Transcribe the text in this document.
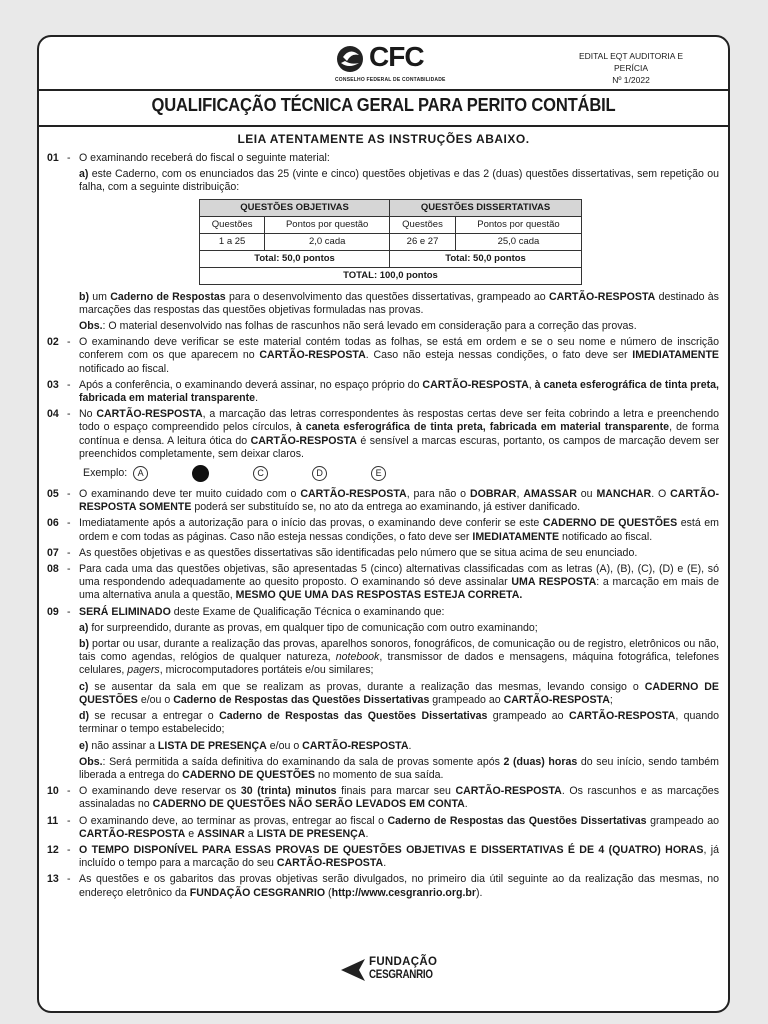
CFC
CONSELHO FEDERAL DE CONTABILIDADE
EDITAL EQT AUDITORIA E PERÍCIA
Nº 1/2022
QUALIFICAÇÃO TÉCNICA GERAL PARA PERITO CONTÁBIL
LEIA ATENTAMENTE AS INSTRUÇÕES ABAIXO.
01 - O examinando receberá do fiscal o seguinte material:
a) este Caderno, com os enunciados das 25 (vinte e cinco) questões objetivas e das 2 (duas) questões dissertativas, sem repetição ou falha, com a seguinte distribuição:
QUESTÕES OBJETIVAS		QUESTÕES DISSERTATIVAS	
Questões	Pontos por questão	Questões	Pontos por questão
1 a 25	2,0 cada	26 e 27	25,0 cada
Total: 50,0 pontos		Total: 50,0 pontos	
TOTAL: 100,0 pontos			
b) um Caderno de Respostas para o desenvolvimento das questões dissertativas, grampeado ao CARTÃO-RESPOSTA destinado às marcações das respostas das questões objetivas formuladas nas provas.
Obs.: O material desenvolvido nas folhas de rascunhos não será levado em consideração para a correção das provas.
02 - O examinando deve verificar se este material contém todas as folhas, se está em ordem e se o seu nome e número de inscrição conferem com os que aparecem no CARTÃO-RESPOSTA. Caso não esteja nessas condições, o fato deve ser IMEDIATAMENTE notificado ao fiscal.
03 - Após a conferência, o examinando deverá assinar, no espaço próprio do CARTÃO-RESPOSTA, à caneta esferográfica de tinta preta, fabricada em material transparente.
04 - No CARTÃO-RESPOSTA, a marcação das letras correspondentes às respostas certas deve ser feita cobrindo a letra e preenchendo todo o espaço compreendido pelos círculos, à caneta esferográfica de tinta preta, fabricada em material transparente, de forma contínua e densa. A leitura ótica do CARTÃO-RESPOSTA é sensível a marcas escuras, portanto, os campos de marcação devem ser preenchidos completamente, sem deixar claros.
Exemplo:	A	C	D	E
05 - O examinando deve ter muito cuidado com o CARTÃO-RESPOSTA, para não o DOBRAR, AMASSAR ou MANCHAR. O CARTÃO-RESPOSTA SOMENTE poderá ser substituído se, no ato da entrega ao examinando, já estiver danificado.
06 - Imediatamente após a autorização para o início das provas, o examinando deve conferir se este CADERNO DE QUESTÕES está em ordem e com todas as páginas. Caso não esteja nessas condições, o fato deve ser IMEDIATAMENTE notificado ao fiscal.
07 - As questões objetivas e as questões dissertativas são identificadas pelo número que se situa acima de seu enunciado.
08 - Para cada uma das questões objetivas, são apresentadas 5 (cinco) alternativas classificadas com as letras (A), (B), (C), (D) e (E), só uma respondendo adequadamente ao quesito proposto. O examinando só deve assinalar UMA RESPOSTA: a marcação em mais de uma alternativa anula a questão, MESMO QUE UMA DAS RESPOSTAS ESTEJA CORRETA.
09 - SERÁ ELIMINADO deste Exame de Qualificação Técnica o examinando que:
a) for surpreendido, durante as provas, em qualquer tipo de comunicação com outro examinando;
b) portar ou usar, durante a realização das provas, aparelhos sonoros, fonográficos, de comunicação ou de registro, eletrônicos ou não, tais como agendas, relógios de qualquer natureza, notebook, transmissor de dados e mensagens, máquina fotográfica, telefones celulares, pagers, microcomputadores portáteis e/ou similares;
c) se ausentar da sala em que se realizam as provas, durante a realização das mesmas, levando consigo o CADERNO DE QUESTÕES e/ou o Caderno de Respostas das Questões Dissertativas grampeado ao CARTÃO-RESPOSTA;
d) se recusar a entregar o Caderno de Respostas das Questões Dissertativas grampeado ao CARTÃO-RESPOSTA, quando terminar o tempo estabelecido;
e) não assinar a LISTA DE PRESENÇA e/ou o CARTÃO-RESPOSTA.
Obs.: Será permitida a saída definitiva do examinando da sala de provas somente após 2 (duas) horas do seu início, sendo também liberada a entrega do CADERNO DE QUESTÕES no momento de sua saída.
10 - O examinando deve reservar os 30 (trinta) minutos finais para marcar seu CARTÃO-RESPOSTA. Os rascunhos e as marcações assinaladas no CADERNO DE QUESTÕES NÃO SERÃO LEVADOS EM CONTA.
11 - O examinando deve, ao terminar as provas, entregar ao fiscal o Caderno de Respostas das Questões Dissertativas grampeado ao CARTÃO-RESPOSTA e ASSINAR a LISTA DE PRESENÇA.
12 - O TEMPO DISPONÍVEL PARA ESSAS PROVAS DE QUESTÕES OBJETIVAS E DISSERTATIVAS É DE 4 (QUATRO) HORAS, já incluído o tempo para a marcação do seu CARTÃO-RESPOSTA.
13 - As questões e os gabaritos das provas objetivas serão divulgados, no primeiro dia útil seguinte ao da realização das mesmas, no endereço eletrônico da FUNDAÇÃO CESGRANRIO (http://www.cesgranrio.org.br).
FUNDAÇÃO
CESGRANRIO
